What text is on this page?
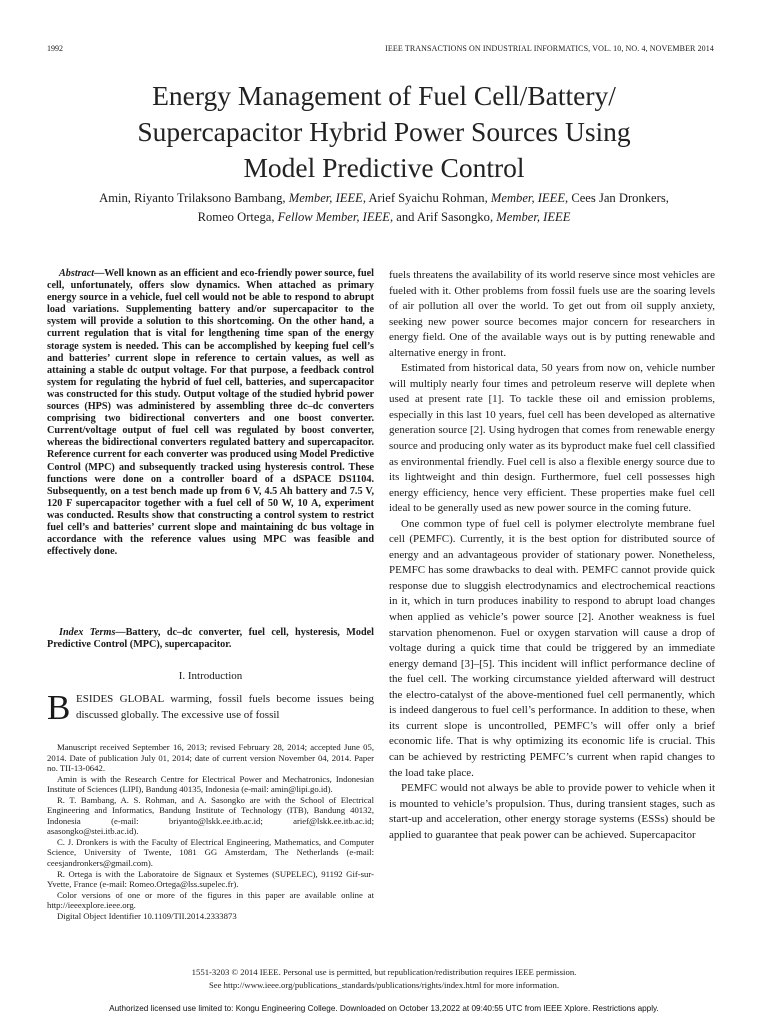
1992	IEEE TRANSACTIONS ON INDUSTRIAL INFORMATICS, VOL. 10, NO. 4, NOVEMBER 2014
Energy Management of Fuel Cell/Battery/
Supercapacitor Hybrid Power Sources Using
Model Predictive Control
Amin, Riyanto Trilaksono Bambang, Member, IEEE, Arief Syaichu Rohman, Member, IEEE, Cees Jan Dronkers,
Romeo Ortega, Fellow Member, IEEE, and Arif Sasongko, Member, IEEE

Abstract—Well known as an efficient and eco-friendly power source, fuel cell, unfortunately, offers slow dynamics. When attached as primary energy source in a vehicle, fuel cell would not be able to respond to abrupt load variations. Supplementing battery and/or supercapacitor to the system will provide a solution to this shortcoming. On the other hand, a current regulation that is vital for lengthening time span of the energy storage system is needed. This can be accomplished by keeping fuel cell’s and batteries’ current slope in reference to certain values, as well as attaining a stable dc output voltage. For that purpose, a feedback control system for regulating the hybrid of fuel cell, batteries, and supercapacitor was constructed for this study. Output voltage of the studied hybrid power sources (HPS) was administered by assembling three dc–dc converters comprising two bidirectional converters and one boost converter. Current/voltage output of fuel cell was regulated by boost converter, whereas the bidirectional converters regulated battery and supercapacitor. Reference current for each converter was produced using Model Predictive Control (MPC) and subsequently tracked using hysteresis control. These functions were done on a controller board of a dSPACE DS1104. Subsequently, on a test bench made up from 6 V, 4.5 Ah battery and 7.5 V, 120 F supercapacitor together with a fuel cell of 50 W, 10 A, experiment was conducted. Results show that constructing a control system to restrict fuel cell’s and batteries’ current slope and maintaining dc bus voltage in accordance with the reference values using MPC was feasible and effectively done.

Index Terms—Battery, dc–dc converter, fuel cell, hysteresis, Model Predictive Control (MPC), supercapacitor.

I. Introduction
B ESIDES GLOBAL warming, fossil fuels become issues being discussed globally. The excessive use of fossil

Manuscript received September 16, 2013; revised February 28, 2014; accepted June 05, 2014. Date of publication July 01, 2014; date of current version November 04, 2014. Paper no. TII-13-0642.

Amin is with the Research Centre for Electrical Power and Mechatronics, Indonesian Institute of Sciences (LIPI), Bandung 40135, Indonesia (e-mail: amin@lipi.go.id).

R. T. Bambang, A. S. Rohman, and A. Sasongko are with the School of Electrical Engineering and Informatics, Bandung Institute of Technology (ITB), Bandung 40132, Indonesia (e-mail: briyanto@lskk.ee.itb.ac.id; arief@lskk.ee.itb.ac.id; asasongko@stei.itb.ac.id).

C. J. Dronkers is with the Faculty of Electrical Engineering, Mathematics, and Computer Science, University of Twente, 1081 GG Amsterdam, The Netherlands (e-mail: ceesjandronkers@gmail.com).

R. Ortega is with the Laboratoire de Signaux et Systemes (SUPELEC), 91192 Gif-sur-Yvette, France (e-mail: Romeo.Ortega@lss.supelec.fr).

Color versions of one or more of the figures in this paper are available online at http://ieeexplore.ieee.org.

Digital Object Identifier 10.1109/TII.2014.2333873

fuels threatens the availability of its world reserve since most vehicles are fueled with it. Other problems from fossil fuels use are the soaring levels of air pollution all over the world. To get out from oil supply anxiety, seeking new power source becomes major concern for researchers in energy field. One of the available ways out is by putting renewable and alternative energy in front.

Estimated from historical data, 50 years from now on, vehicle number will multiply nearly four times and petroleum reserve will deplete when used at present rate [1]. To tackle these oil and emission problems, especially in this last 10 years, fuel cell has been developed as alternative generation source [2]. Using hydrogen that comes from renewable energy source and producing only water as its byproduct make fuel cell classified as environmental friendly. Fuel cell is also a flexible energy source due to its lightweight and thin design. Furthermore, fuel cell possesses high energy efficiency, hence very efficient. These properties make fuel cell ideal to be generally used as new power source in the coming future.

One common type of fuel cell is polymer electrolyte membrane fuel cell (PEMFC). Currently, it is the best option for distributed source of energy and an advantageous provider of stationary power. Nonetheless, PEMFC has some drawbacks to deal with. PEMFC cannot provide quick response due to sluggish electrodynamics and electrochemical reactions in it, which in turn produces inability to respond to abrupt load changes when applied as vehicle’s power source [2]. Another weakness is fuel starvation phenomenon. Fuel or oxygen starvation will cause a drop of voltage during a quick time that could be triggered by an immediate energy demand [3]–[5]. This incident will inflict performance decline of the fuel cell. The working circumstance yielded afterward will destruct the electro-catalyst of the above-mentioned fuel cell permanently, which is indeed dangerous to fuel cell’s performance. In addition to these, when its current slope is uncontrolled, PEMFC’s will offer only a brief economic life. That is why optimizing its economic life is crucial. This can be achieved by restricting PEMFC’s current when rapid changes to the load take place.

PEMFC would not always be able to provide power to vehicle when it is mounted to vehicle’s propulsion. Thus, during transient stages, such as start-up and acceleration, other energy storage systems (ESSs) should be applied to guarantee that peak power can be achieved. Supercapacitor

1551-3203 © 2014 IEEE. Personal use is permitted, but republication/redistribution requires IEEE permission.
See http://www.ieee.org/publications_standards/publications/rights/index.html for more information.
Authorized licensed use limited to: Kongu Engineering College. Downloaded on October 13,2022 at 09:40:55 UTC from IEEE Xplore. Restrictions apply.
